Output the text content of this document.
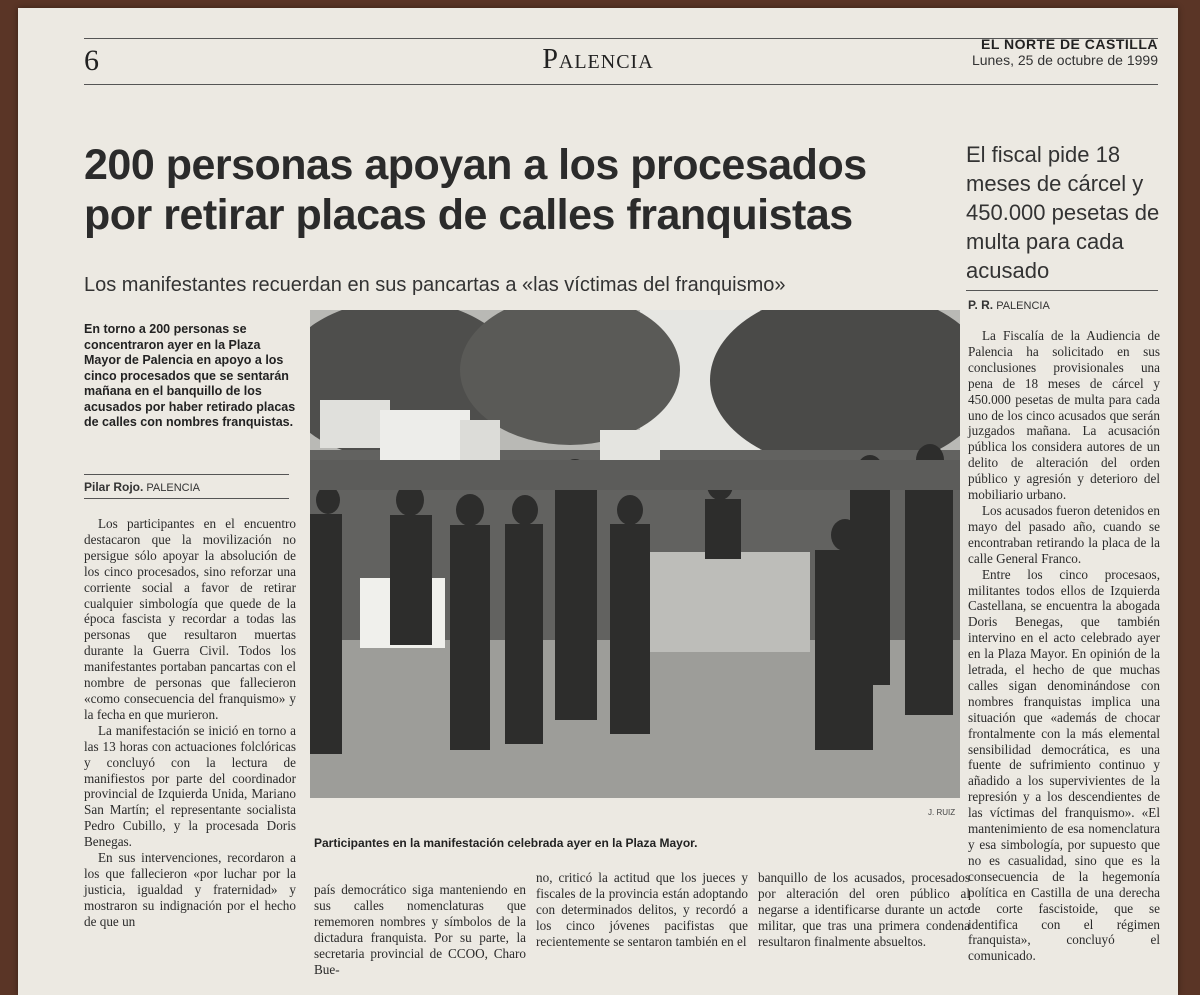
6	Palencia	EL NORTE DE CASTILLA
Lunes, 25 de octubre de 1999
200 personas apoyan a los procesados
por retirar placas de calles franquistas
Los manifestantes recuerdan en sus pancartas a «las víctimas del franquismo»
El fiscal pide 18 meses de cárcel y 450.000 pesetas de multa para cada acusado
P. R. PALENCIA
En torno a 200 personas se concentraron ayer en la Plaza Mayor de Palencia en apoyo a los cinco procesados que se sentarán mañana en el banquillo de los acusados por haber retirado placas de calles con nombres franquistas.
Pilar Rojo. PALENCIA

Los participantes en el encuentro destacaron que la movilización no persigue sólo apoyar la absolución de los cinco procesados, sino reforzar una corriente social a favor de retirar cualquier simbología que quede de la época fascista y recordar a todas las personas que resultaron muertas durante la Guerra Civil. Todos los manifestantes portaban pancartas con el nombre de personas que fallecieron «como consecuencia del franquismo» y la fecha en que murieron.

La manifestación se inició en torno a las 13 horas con actuaciones folclóricas y concluyó con la lectura de manifiestos por parte del coordinador provincial de Izquierda Unida, Mariano San Martín; el representante socialista Pedro Cubillo, y la procesada Doris Benegas.

En sus intervenciones, recordaron a los que fallecieron «por luchar por la justicia, igualdad y fraternidad» y mostraron su indignación por el hecho de que un

J. RUIZ
Participantes en la manifestación celebrada ayer en la Plaza Mayor.

país democrático siga manteniendo en sus calles nomenclaturas que rememoren nombres y símbolos de la dictadura franquista. Por su parte, la secretaria provincial de CCOO, Charo Bue-

no, criticó la actitud que los jueces y fiscales de la provincia están adoptando con determinados delitos, y recordó a los cinco jóvenes pacifistas que recientemente se sentaron también en el

banquillo de los acusados, procesados por alteración del oren público al negarse a identificarse durante un acto militar, que tras una primera condena resultaron finalmente absueltos.

La Fiscalía de la Audiencia de Palencia ha solicitado en sus conclusiones provisionales una pena de 18 meses de cárcel y 450.000 pesetas de multa para cada uno de los cinco acusados que serán juzgados mañana. La acusación pública los considera autores de un delito de alteración del orden público y agresión y deterioro del mobiliario urbano.

Los acusados fueron detenidos en mayo del pasado año, cuando se encontraban retirando la placa de la calle General Franco.

Entre los cinco procesaos, militantes todos ellos de Izquierda Castellana, se encuentra la abogada Doris Benegas, que también intervino en el acto celebrado ayer en la Plaza Mayor. En opinión de la letrada, el hecho de que muchas calles sigan denominándose con nombres franquistas implica una situación que «además de chocar frontalmente con la más elemental sensibilidad democrática, es una fuente de sufrimiento continuo y añadido a los supervivientes de la represión y a los descendientes de las víctimas del franquismo». «El mantenimiento de esa nomenclatura y esa simbología, por supuesto que no es casualidad, sino que es la consecuencia de la hegemonía política en Castilla de una derecha de corte fascistoide, que se identifica con el régimen franquista», concluyó el comunicado.
